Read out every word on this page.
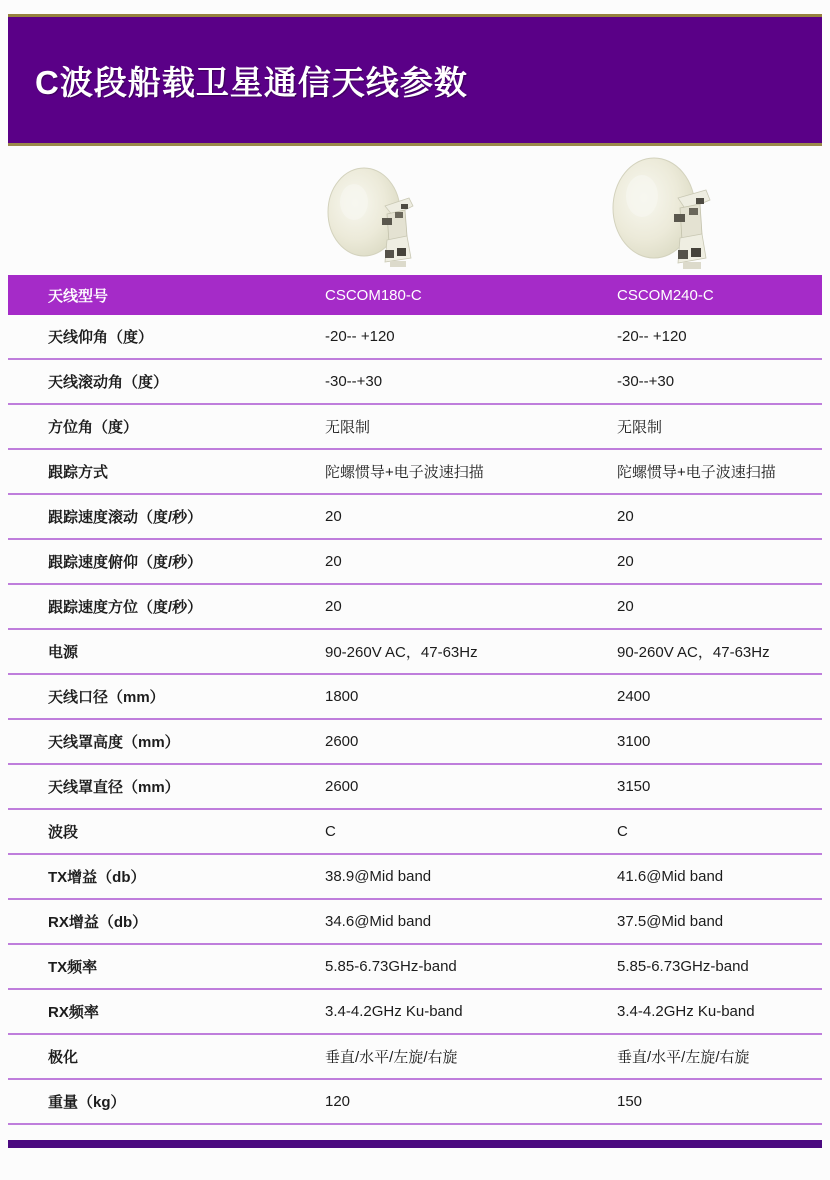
C波段船载卫星通信天线参数
天线型号	CSCOM180-C	CSCOM240-C
天线仰角（度）	-20-- +120	-20-- +120
天线滚动角（度）	-30--+30	-30--+30
方位角（度）	无限制	无限制
跟踪方式	陀螺惯导+电子波速扫描	陀螺惯导+电子波速扫描
跟踪速度滚动（度/秒）	20	20
跟踪速度俯仰（度/秒）	20	20
跟踪速度方位（度/秒）	20	20
电源	90-260V AC，47-63Hz	90-260V AC，47-63Hz
天线口径（mm）	1800	2400
天线罩高度（mm）	2600	3100
天线罩直径（mm）	2600	3150
波段	C	C
TX增益（db）	38.9@Mid band	41.6@Mid band
RX增益（db）	34.6@Mid band	37.5@Mid band
TX频率	5.85-6.73GHz-band	5.85-6.73GHz-band
RX频率	3.4-4.2GHz Ku-band	3.4-4.2GHz Ku-band
极化	垂直/水平/左旋/右旋	垂直/水平/左旋/右旋
重量（kg）	120	150
